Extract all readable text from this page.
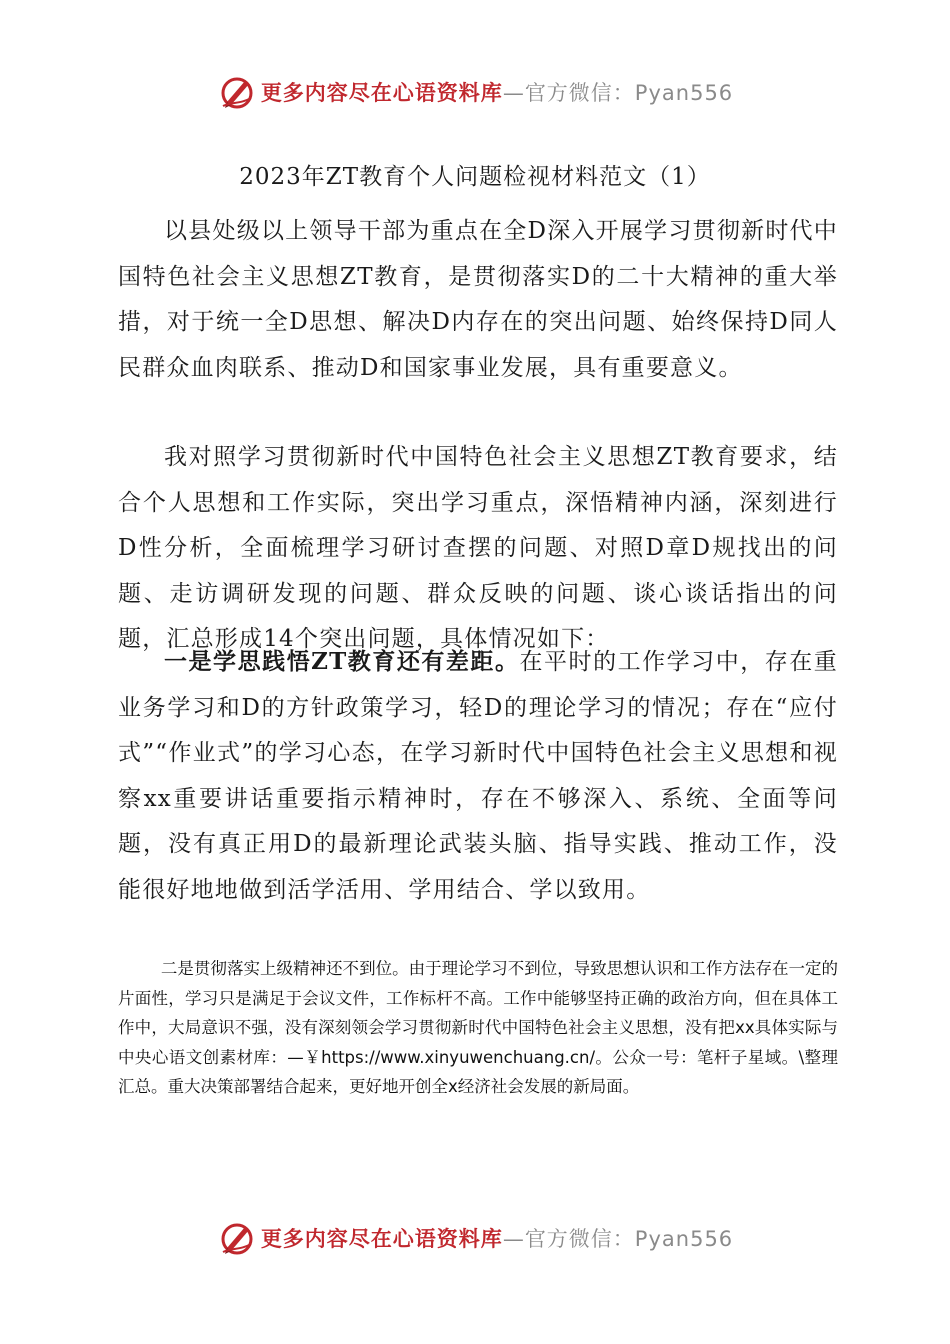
更多内容尽在心语资料库—官方微信：Pyan556
2023年ZT教育个人问题检视材料范文（1）

以县处级以上领导干部为重点在全D深入开展学习贯彻新时代中国特色社会主义思想ZT教育，是贯彻落实D的二十大精神的重大举措，对于统一全D思想、解决D内存在的突出问题、始终保持D同人民群众血肉联系、推动D和国家事业发展，具有重要意义。

我对照学习贯彻新时代中国特色社会主义思想ZT教育要求，结合个人思想和工作实际，突出学习重点，深悟精神内涵，深刻进行D性分析，全面梳理学习研讨查摆的问题、对照D章D规找出的问题、走访调研发现的问题、群众反映的问题、谈心谈话指出的问题，汇总形成14个突出问题，具体情况如下：

一是学思践悟ZT教育还有差距。在平时的工作学习中，存在重业务学习和D的方针政策学习，轻D的理论学习的情况；存在“应付式”“作业式”的学习心态，在学习新时代中国特色社会主义思想和视察xx重要讲话重要指示精神时，存在不够深入、系统、全面等问题，没有真正用D的最新理论武装头脑、指导实践、推动工作，没能很好地地做到活学活用、学用结合、学以致用。

二是贯彻落实上级精神还不到位。由于理论学习不到位，导致思想认识和工作方法存在一定的片面性，学习只是满足于会议文件，工作标杆不高。工作中能够坚持正确的政治方向，但在具体工作中，大局意识不强，没有深刻领会学习贯彻新时代中国特色社会主义思想，没有把xx具体实际与中央心语文创素材库：—￥https://www.xinyuwenchuang.cn/。公众一号：笔杆子星域。\整理汇总。重大决策部署结合起来，更好地开创全x经济社会发展的新局面。

更多内容尽在心语资料库—官方微信：Pyan556
